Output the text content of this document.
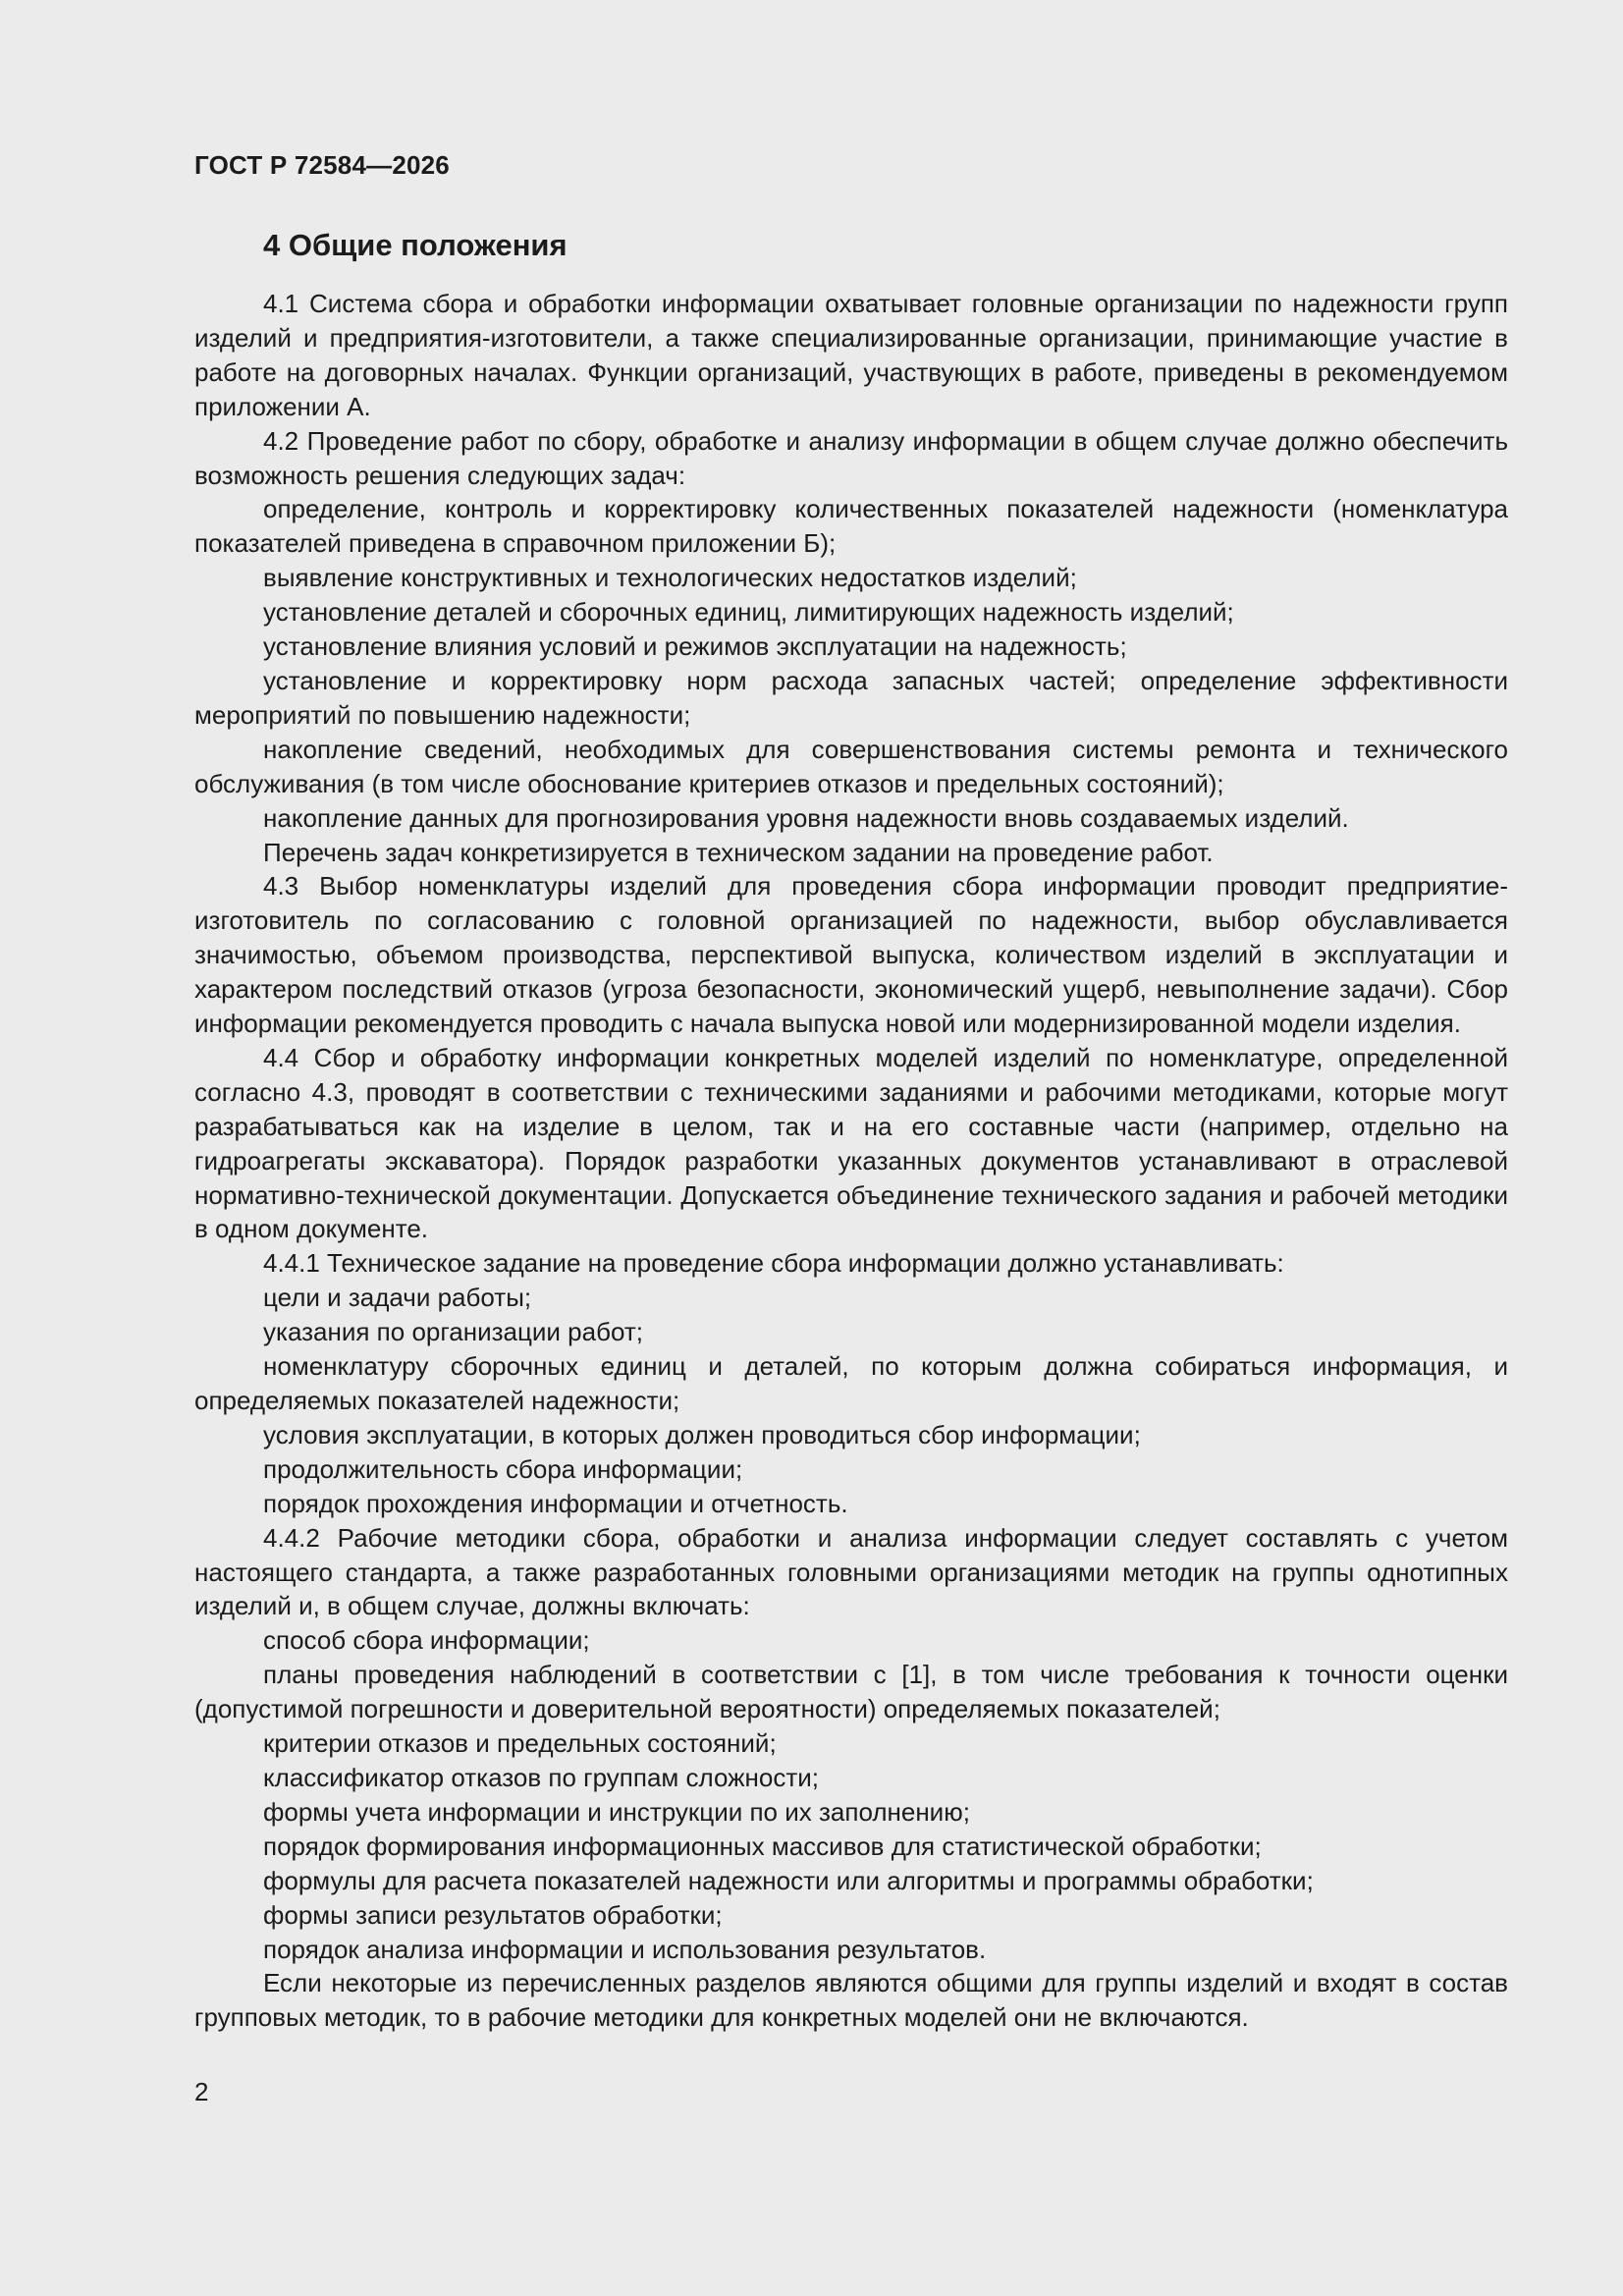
ГОСТ Р 72584—2026

4 Общие положения

4.1 Система сбора и обработки информации охватывает головные организации по надежности групп изделий и предприятия-изготовители, а также специализированные организации, принимающие участие в работе на договорных началах. Функции организаций, участвующих в работе, приведены в рекомендуемом приложении А.

4.2 Проведение работ по сбору, обработке и анализу информации в общем случае должно обеспечить возможность решения следующих задач:

определение, контроль и корректировку количественных показателей надежности (номенклатура показателей приведена в справочном приложении Б);

выявление конструктивных и технологических недостатков изделий;

установление деталей и сборочных единиц, лимитирующих надежность изделий;

установление влияния условий и режимов эксплуатации на надежность;

установление и корректировку норм расхода запасных частей; определение эффективности мероприятий по повышению надежности;

накопление сведений, необходимых для совершенствования системы ремонта и технического обслуживания (в том числе обоснование критериев отказов и предельных состояний);

накопление данных для прогнозирования уровня надежности вновь создаваемых изделий.

Перечень задач конкретизируется в техническом задании на проведение работ.

4.3 Выбор номенклатуры изделий для проведения сбора информации проводит предприятие-изготовитель по согласованию с головной организацией по надежности, выбор обуславливается значимостью, объемом производства, перспективой выпуска, количеством изделий в эксплуатации и характером последствий отказов (угроза безопасности, экономический ущерб, невыполнение задачи). Сбор информации рекомендуется проводить с начала выпуска новой или модернизированной модели изделия.

4.4 Сбор и обработку информации конкретных моделей изделий по номенклатуре, определенной согласно 4.3, проводят в соответствии с техническими заданиями и рабочими методиками, которые могут разрабатываться как на изделие в целом, так и на его составные части (например, отдельно на гидроагрегаты экскаватора). Порядок разработки указанных документов устанавливают в отраслевой нормативно-технической документации. Допускается объединение технического задания и рабочей методики в одном документе.

4.4.1 Техническое задание на проведение сбора информации должно устанавливать:

цели и задачи работы;

указания по организации работ;

номенклатуру сборочных единиц и деталей, по которым должна собираться информация, и определяемых показателей надежности;

условия эксплуатации, в которых должен проводиться сбор информации;

продолжительность сбора информации;

порядок прохождения информации и отчетность.

4.4.2 Рабочие методики сбора, обработки и анализа информации следует составлять с учетом настоящего стандарта, а также разработанных головными организациями методик на группы однотипных изделий и, в общем случае, должны включать:

способ сбора информации;

планы проведения наблюдений в соответствии с [1], в том числе требования к точности оценки (допустимой погрешности и доверительной вероятности) определяемых показателей;

критерии отказов и предельных состояний;

классификатор отказов по группам сложности;

формы учета информации и инструкции по их заполнению;

порядок формирования информационных массивов для статистической обработки;

формулы для расчета показателей надежности или алгоритмы и программы обработки;

формы записи результатов обработки;

порядок анализа информации и использования результатов.

Если некоторые из перечисленных разделов являются общими для группы изделий и входят в состав групповых методик, то в рабочие методики для конкретных моделей они не включаются.

2
